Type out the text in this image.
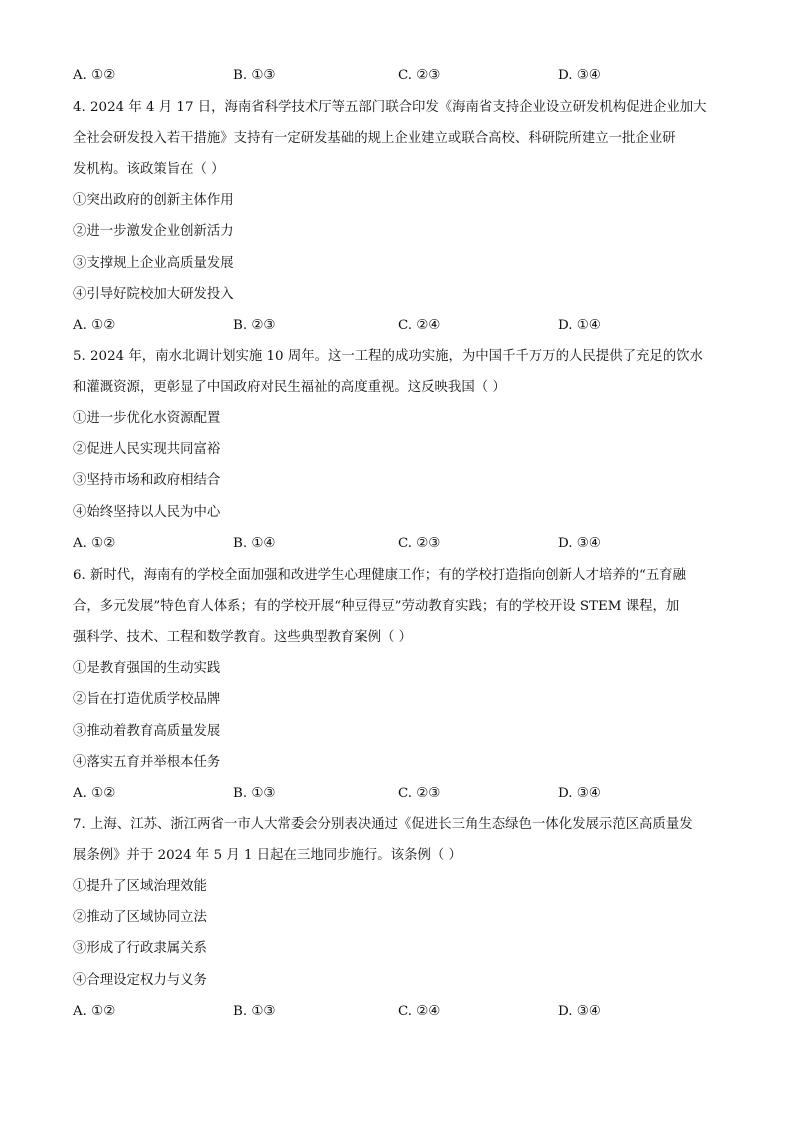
A. ①②	B. ①③	C. ②③	D. ③④
4. 2024 年 4 月 17 日，海南省科学技术厅等五部门联合印发《海南省支持企业设立研发机构促进企业加大
全社会研发投入若干措施》支持有一定研发基础的规上企业建立或联合高校、科研院所建立一批企业研
发机构。该政策旨在（ ）
①突出政府的创新主体作用
②进一步激发企业创新活力
③支撑规上企业高质量发展
④引导好院校加大研发投入
A. ①②	B. ②③	C. ②④	D. ①④
5. 2024 年，南水北调计划实施 10 周年。这一工程的成功实施，为中国千千万万的人民提供了充足的饮水
和灌溉资源，更彰显了中国政府对民生福祉的高度重视。这反映我国（ ）
①进一步优化水资源配置
②促进人民实现共同富裕
③坚持市场和政府相结合
④始终坚持以人民为中心
A. ①②	B. ①④	C. ②③	D. ③④
6. 新时代，海南有的学校全面加强和改进学生心理健康工作；有的学校打造指向创新人才培养的“五育融
合，多元发展”特色育人体系；有的学校开展“种豆得豆”劳动教育实践；有的学校开设 STEM 课程，加
强科学、技术、工程和数学教育。这些典型教育案例（ ）
①是教育强国的生动实践
②旨在打造优质学校品牌
③推动着教育高质量发展
④落实五育并举根本任务
A. ①②	B. ①③	C. ②③	D. ③④
7. 上海、江苏、浙江两省一市人大常委会分别表决通过《促进长三角生态绿色一体化发展示范区高质量发
展条例》并于 2024 年 5 月 1 日起在三地同步施行。该条例（ ）
①提升了区域治理效能
②推动了区域协同立法
③形成了行政隶属关系
④合理设定权力与义务
A. ①②	B. ①③	C. ②④	D. ③④
